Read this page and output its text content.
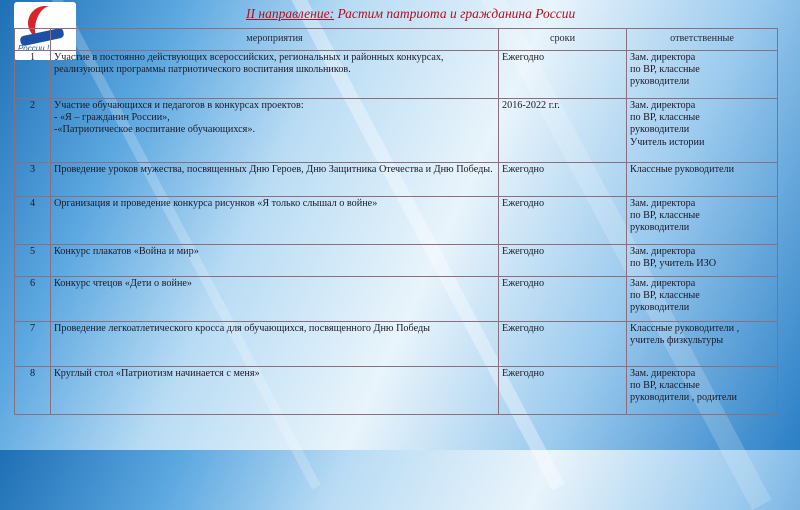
России !
II направление: Растим патриота и гражданина России
	мероприятия	сроки	ответственные
1	Участие в постоянно действующих всероссийских, региональных и районных конкурсах, реализующих программы патриотического воспитания школьников.	Ежегодно	Зам. директора
по ВР, классные
руководители
2	Участие обучающихся и педагогов в конкурсах проектов:
- «Я – гражданин России»,
-«Патриотическое воспитание обучающихся».	2016-2022 г.г.	Зам. директора
по ВР, классные
руководители
Учитель истории
3	Проведение уроков мужества, посвященных Дню Героев, Дню Защитника Отечества и Дню Победы.	Ежегодно	Классные руководители
4	Организация и проведение конкурса рисунков «Я только слышал о войне»	Ежегодно	Зам. директора
по ВР, классные
руководители
5	Конкурс плакатов «Война и мир»	Ежегодно	Зам. директора
по ВР, учитель ИЗО
6	Конкурс чтецов «Дети о войне»	Ежегодно	Зам. директора
по ВР, классные
руководители
7	Проведение легкоатлетического кросса для обучающихся, посвященного Дню Победы	Ежегодно	Классные руководители ,
учитель физкультуры
8	Круглый стол «Патриотизм начинается с меня»	Ежегодно	Зам. директора
по ВР, классные
руководители , родители
